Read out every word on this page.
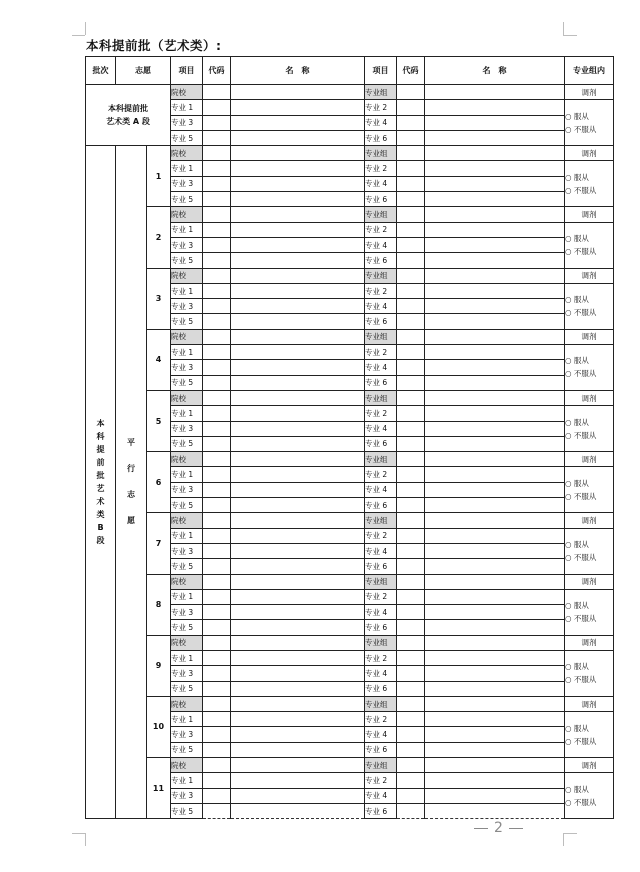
本科提前批（艺术类）:
批次	志愿		项目	代码	名　称	项目	代码	名　称	专业组内

本科提前批
艺术类 A 段			院校			专业组			调剂
			专业 1			专业 2			○ 服从
○ 不服从

			专业 3			专业 4			
			专业 5			专业 6			

本科提前批艺术类B段	平行志愿	1	院校			专业组			调剂
			专业 1			专业 2			○ 服从
○ 不服从

			专业 3			专业 4			
			专业 5			专业 6			
		2	院校			专业组			调剂
			专业 1			专业 2			○ 服从
○ 不服从

			专业 3			专业 4			
			专业 5			专业 6			
		3	院校			专业组			调剂
			专业 1			专业 2			○ 服从
○ 不服从

			专业 3			专业 4			
			专业 5			专业 6			
		4	院校			专业组			调剂
			专业 1			专业 2			○ 服从
○ 不服从

			专业 3			专业 4			
			专业 5			专业 6			
		5	院校			专业组			调剂
			专业 1			专业 2			○ 服从
○ 不服从

			专业 3			专业 4			
			专业 5			专业 6			
		6	院校			专业组			调剂
			专业 1			专业 2			○ 服从
○ 不服从

			专业 3			专业 4			
			专业 5			专业 6			
		7	院校			专业组			调剂
			专业 1			专业 2			○ 服从
○ 不服从

			专业 3			专业 4			
			专业 5			专业 6			
		8	院校			专业组			调剂
			专业 1			专业 2			○ 服从
○ 不服从

			专业 3			专业 4			
			专业 5			专业 6			
		9	院校			专业组			调剂
			专业 1			专业 2			○ 服从
○ 不服从

			专业 3			专业 4			
			专业 5			专业 6			
		10	院校			专业组			调剂
			专业 1			专业 2			○ 服从
○ 不服从

			专业 3			专业 4			
			专业 5			专业 6			
		11	院校			专业组			调剂
			专业 1			专业 2			○ 服从
○ 不服从

			专业 3			专业 4			
			专业 5			专业 6			
2
